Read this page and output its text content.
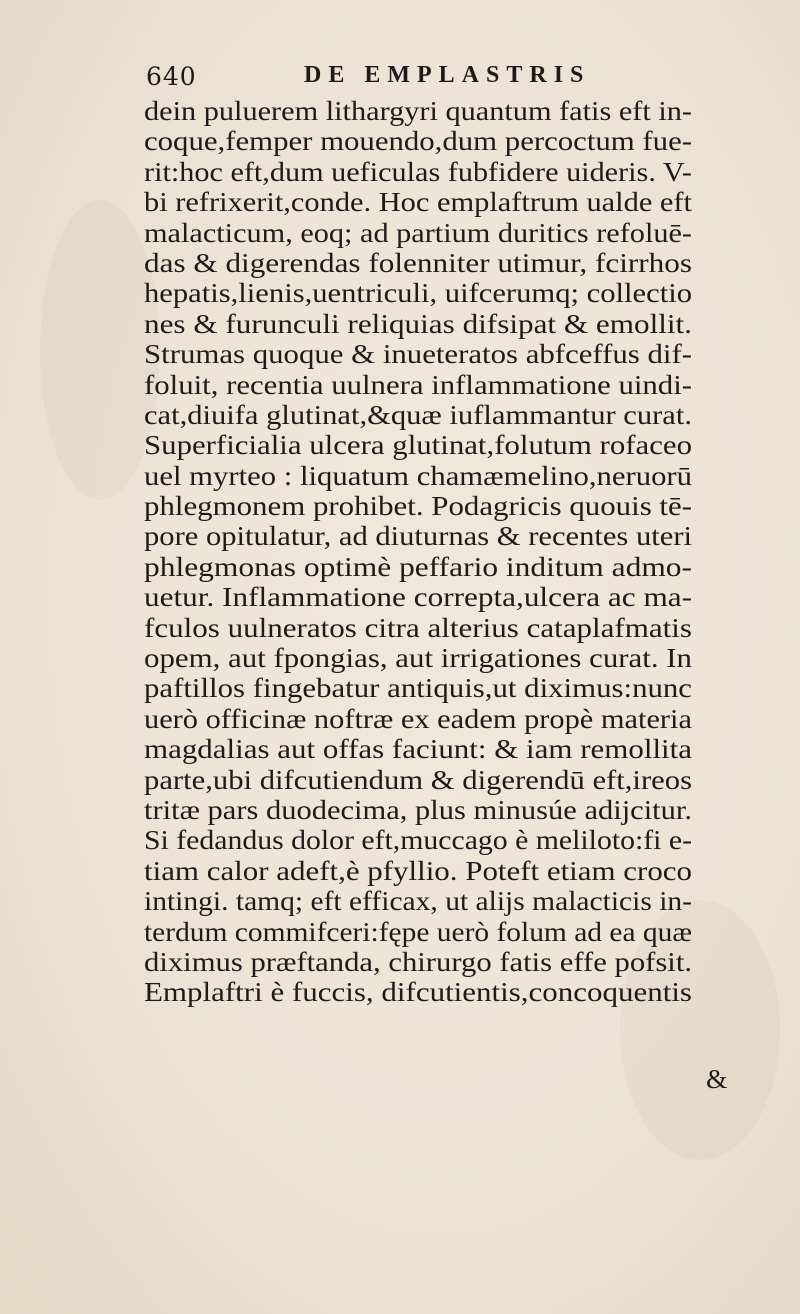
640	DE EMPLASTRIS
dein puluerem lithargyri quantum fatis eft in-
coque,femper mouendo,dum percoctum fue-
rit:hoc eft,dum ueficulas fubfidere uideris. V-
bi refrixerit,conde. Hoc emplaftrum ualde eft
malacticum, eoq; ad partium duritics refoluē-
das & digerendas folenniter utimur, fcirrhos
hepatis,lienis,uentriculi, uifcerumq; collectio
nes & furunculi reliquias difsipat & emollit.
Strumas quoque & inueteratos abfceffus dif-
foluit, recentia uulnera inflammatione uindi-
cat,diuifa glutinat,&quæ iuflammantur curat.
Superficialia ulcera glutinat,folutum rofaceo
uel myrteo : liquatum chamæmelino,neruorū
phlegmonem prohibet. Podagricis quouis tē-
pore opitulatur, ad diuturnas & recentes uteri
phlegmonas optimè peffario inditum admo-
uetur. Inflammatione correpta,ulcera ac ma-
fculos uulneratos citra alterius cataplafmatis
opem, aut fpongias, aut irrigationes curat. In
paftillos fingebatur antiquis,ut diximus:nunc
uerò officinæ noftræ ex eadem propè materia
magdalias aut offas faciunt: & iam remollita
parte,ubi difcutiendum & digerendū eft,ireos
tritæ pars duodecima, plus minusúe adijcitur.
Si fedandus dolor eft,muccago è meliloto:fi e-
tiam calor adeft,è pfyllio. Poteft etiam croco
intingi. tamq; eft efficax, ut alijs malacticis in-
terdum commifceri:fępe uerò folum ad ea quæ
diximus præftanda, chirurgo fatis effe pofsit.
Emplaftri è fuccis, difcutientis,concoquentis
&
